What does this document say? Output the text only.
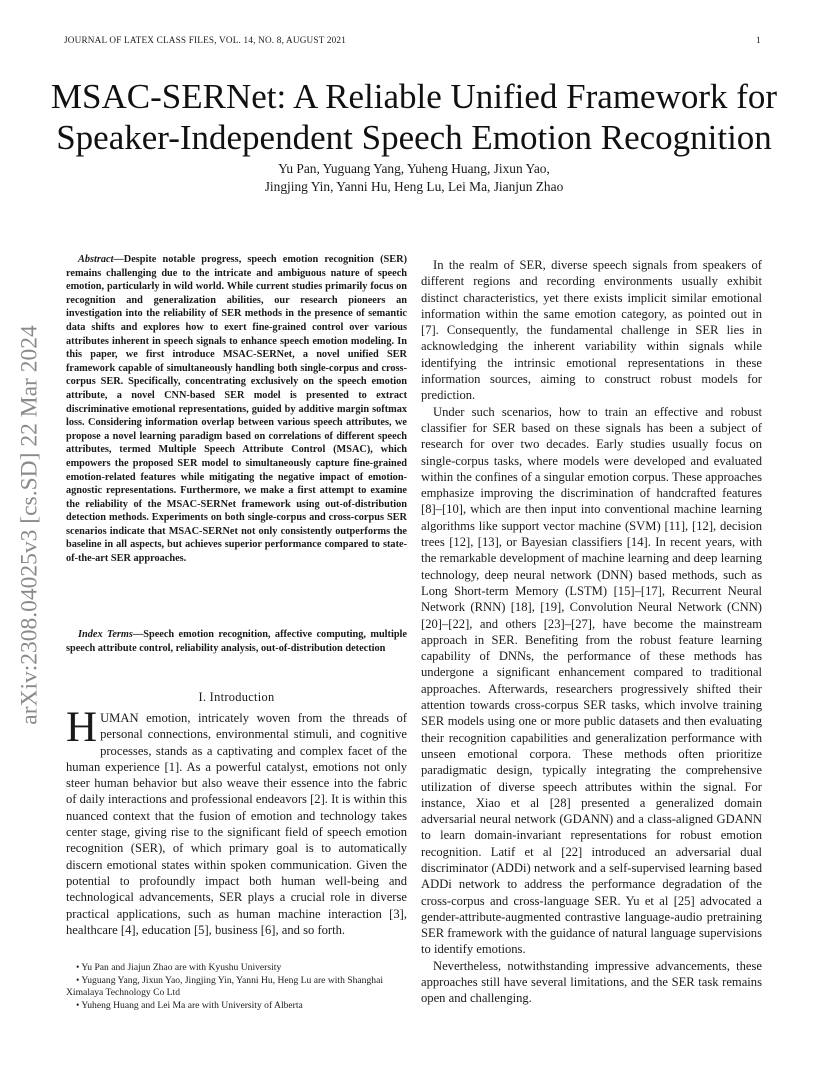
JOURNAL OF LATEX CLASS FILES, VOL. 14, NO. 8, AUGUST 2021	1
arXiv:2308.04025v3 [cs.SD] 22 Mar 2024
MSAC-SERNet: A Reliable Unified Framework for
Speaker-Independent Speech Emotion Recognition
Yu Pan, Yuguang Yang, Yuheng Huang, Jixun Yao,
Jingjing Yin, Yanni Hu, Heng Lu, Lei Ma, Jianjun Zhao

Abstract—Despite notable progress, speech emotion recognition (SER) remains challenging due to the intricate and ambiguous nature of speech emotion, particularly in wild world. While current studies primarily focus on recognition and generalization abilities, our research pioneers an investigation into the reliability of SER methods in the presence of semantic data shifts and explores how to exert fine-grained control over various attributes inherent in speech signals to enhance speech emotion modeling. In this paper, we first introduce MSAC-SERNet, a novel unified SER framework capable of simultaneously handling both single-corpus and cross-corpus SER. Specifically, concentrating exclusively on the speech emotion attribute, a novel CNN-based SER model is presented to extract discriminative emotional representations, guided by additive margin softmax loss. Considering information overlap between various speech attributes, we propose a novel learning paradigm based on correlations of different speech attributes, termed Multiple Speech Attribute Control (MSAC), which empowers the proposed SER model to simultaneously capture fine-grained emotion-related features while mitigating the negative impact of emotion-agnostic representations. Furthermore, we make a first attempt to examine the reliability of the MSAC-SERNet framework using out-of-distribution detection methods. Experiments on both single-corpus and cross-corpus SER scenarios indicate that MSAC-SERNet not only consistently outperforms the baseline in all aspects, but achieves superior performance compared to state-of-the-art SER approaches.

Index Terms—Speech emotion recognition, affective computing, multiple speech attribute control, reliability analysis, out-of-distribution detection

I. Introduction

HUMAN emotion, intricately woven from the threads of personal connections, environmental stimuli, and cognitive processes, stands as a captivating and complex facet of the human experience [1]. As a powerful catalyst, emotions not only steer human behavior but also weave their essence into the fabric of daily interactions and professional endeavors [2]. It is within this nuanced context that the fusion of emotion and technology takes center stage, giving rise to the significant field of speech emotion recognition (SER), of which primary goal is to automatically discern emotional states within spoken communication. Given the potential to profoundly impact both human well-being and technological advancements, SER plays a crucial role in diverse practical applications, such as human machine interaction [3], healthcare [4], education [5], business [6], and so forth.

• Yu Pan and Jiajun Zhao are with Kyushu University
• Yuguang Yang, Jixun Yao, Jingjing Yin, Yanni Hu, Heng Lu are with Shanghai Ximalaya Technology Co Ltd
• Yuheng Huang and Lei Ma are with University of Alberta

In the realm of SER, diverse speech signals from speakers of different regions and recording environments usually exhibit distinct characteristics, yet there exists implicit similar emotional information within the same emotion category, as pointed out in [7]. Consequently, the fundamental challenge in SER lies in acknowledging the inherent variability within signals while identifying the intrinsic emotional representations in these information sources, aiming to construct robust models for prediction.

Under such scenarios, how to train an effective and robust classifier for SER based on these signals has been a subject of research for over two decades. Early studies usually focus on single-corpus tasks, where models were developed and evaluated within the confines of a singular emotion corpus. These approaches emphasize improving the discrimination of handcrafted features [8]–[10], which are then input into conventional machine learning algorithms like support vector machine (SVM) [11], [12], decision trees [12], [13], or Bayesian classifiers [14]. In recent years, with the remarkable development of machine learning and deep learning technology, deep neural network (DNN) based methods, such as Long Short-term Memory (LSTM) [15]–[17], Recurrent Neural Network (RNN) [18], [19], Convolution Neural Network (CNN) [20]–[22], and others [23]–[27], have become the mainstream approach in SER. Benefiting from the robust feature learning capability of DNNs, the performance of these methods has undergone a significant enhancement compared to traditional approaches. Afterwards, researchers progressively shifted their attention towards cross-corpus SER tasks, which involve training SER models using one or more public datasets and then evaluating their recognition capabilities and generalization performance with unseen emotional corpora. These methods often prioritize paradigmatic design, typically integrating the comprehensive utilization of diverse speech attributes within the signal. For instance, Xiao et al [28] presented a generalized domain adversarial neural network (GDANN) and a class-aligned GDANN to learn domain-invariant representations for robust emotion recognition. Latif et al [22] introduced an adversarial dual discriminator (ADDi) network and a self-supervised learning based ADDi network to address the performance degradation of the cross-corpus and cross-language SER. Yu et al [25] advocated a gender-attribute-augmented contrastive language-audio pretraining SER framework with the guidance of natural language supervisions to identify emotions.

Nevertheless, notwithstanding impressive advancements, these approaches still have several limitations, and the SER task remains open and challenging.
